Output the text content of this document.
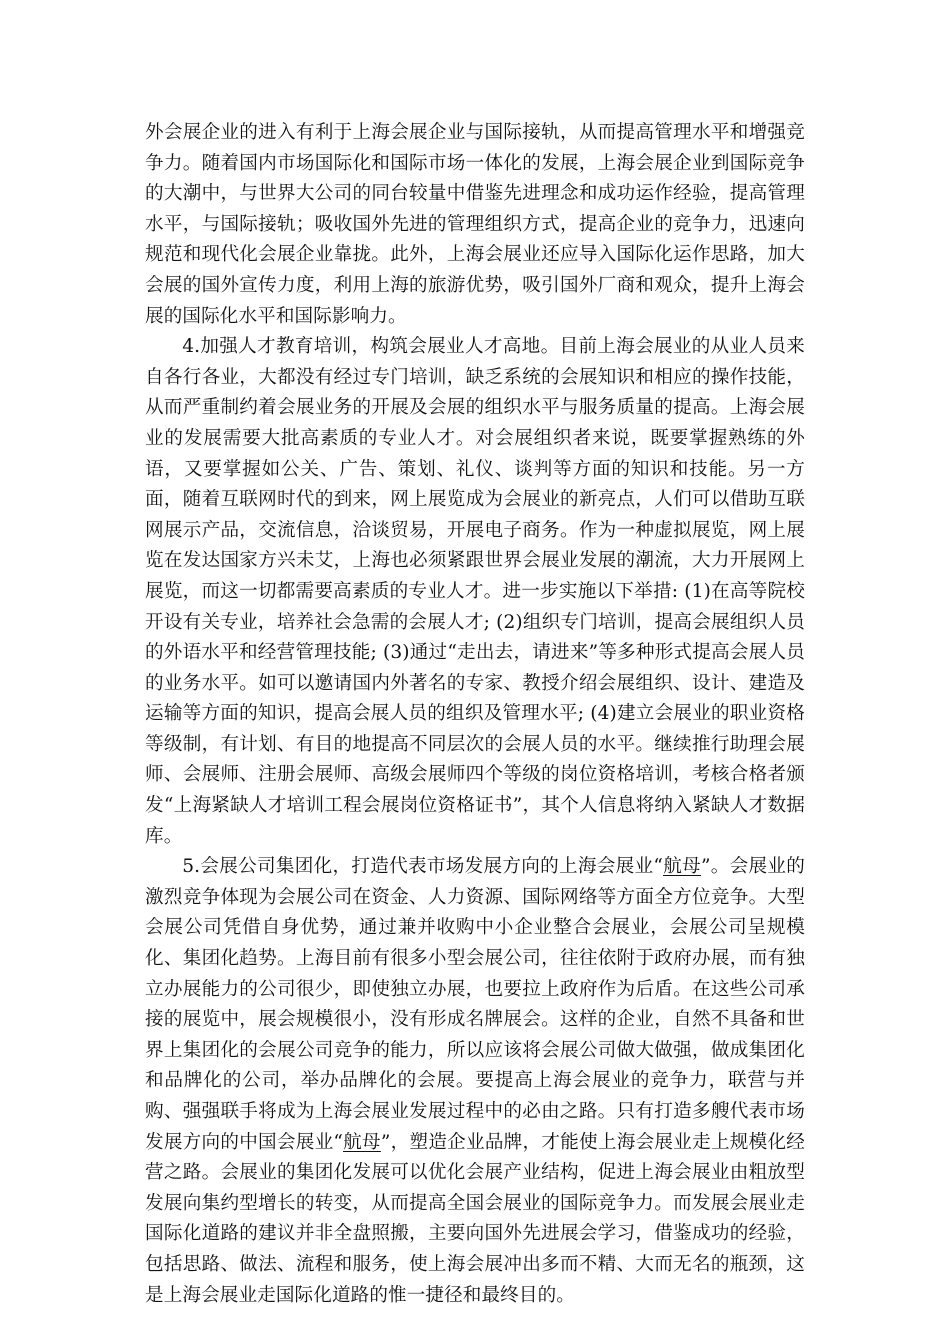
外会展企业的进入有利于上海会展企业与国际接轨，从而提高管理水平和增强竞争力。随着国内市场国际化和国际市场一体化的发展，上海会展企业到国际竞争的大潮中，与世界大公司的同台较量中借鉴先进理念和成功运作经验，提高管理水平，与国际接轨；吸收国外先进的管理组织方式，提高企业的竞争力，迅速向规范和现代化会展企业靠拢。此外，上海会展业还应导入国际化运作思路，加大会展的国外宣传力度，利用上海的旅游优势，吸引国外厂商和观众，提升上海会展的国际化水平和国际影响力。

4.加强人才教育培训，构筑会展业人才高地。目前上海会展业的从业人员来自各行各业，大都没有经过专门培训，缺乏系统的会展知识和相应的操作技能，从而严重制约着会展业务的开展及会展的组织水平与服务质量的提高。上海会展业的发展需要大批高素质的专业人才。对会展组织者来说，既要掌握熟练的外语，又要掌握如公关、广告、策划、礼仪、谈判等方面的知识和技能。另一方面，随着互联网时代的到来，网上展览成为会展业的新亮点，人们可以借助互联网展示产品，交流信息，洽谈贸易，开展电子商务。作为一种虚拟展览，网上展览在发达国家方兴未艾，上海也必须紧跟世界会展业发展的潮流，大力开展网上展览，而这一切都需要高素质的专业人才。进一步实施以下举措: (1)在高等院校开设有关专业，培养社会急需的会展人才; (2)组织专门培训，提高会展组织人员的外语水平和经营管理技能; (3)通过“走出去，请进来”等多种形式提高会展人员的业务水平。如可以邀请国内外著名的专家、教授介绍会展组织、设计、建造及运输等方面的知识，提高会展人员的组织及管理水平; (4)建立会展业的职业资格等级制，有计划、有目的地提高不同层次的会展人员的水平。继续推行助理会展师、会展师、注册会展师、高级会展师四个等级的岗位资格培训，考核合格者颁发“上海紧缺人才培训工程会展岗位资格证书”，其个人信息将纳入紧缺人才数据库。

5.会展公司集团化，打造代表市场发展方向的上海会展业“航母”。会展业的激烈竞争体现为会展公司在资金、人力资源、国际网络等方面全方位竞争。大型会展公司凭借自身优势，通过兼并收购中小企业整合会展业，会展公司呈规模化、集团化趋势。上海目前有很多小型会展公司，往往依附于政府办展，而有独立办展能力的公司很少，即使独立办展，也要拉上政府作为后盾。在这些公司承接的展览中，展会规模很小，没有形成名牌展会。这样的企业，自然不具备和世界上集团化的会展公司竞争的能力，所以应该将会展公司做大做强，做成集团化和品牌化的公司，举办品牌化的会展。要提高上海会展业的竞争力，联营与并购、强强联手将成为上海会展业发展过程中的必由之路。只有打造多艘代表市场发展方向的中国会展业“航母”，塑造企业品牌，才能使上海会展业走上规模化经营之路。会展业的集团化发展可以优化会展产业结构，促进上海会展业由粗放型发展向集约型增长的转变，从而提高全国会展业的国际竞争力。而发展会展业走国际化道路的建议并非全盘照搬，主要向国外先进展会学习，借鉴成功的经验，包括思路、做法、流程和服务，使上海会展冲出多而不精、大而无名的瓶颈，这是上海会展业走国际化道路的惟一捷径和最终目的。
